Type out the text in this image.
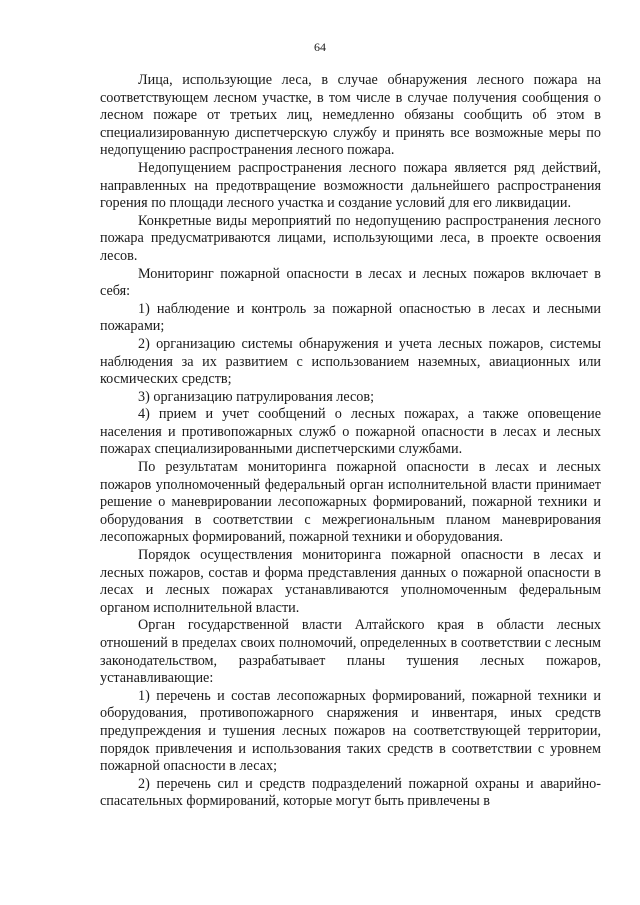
64

Лица, использующие леса, в случае обнаружения лесного пожара на соответствующем лесном участке, в том числе в случае получения сообщения о лесном пожаре от третьих лиц, немедленно обязаны сообщить об этом в специализированную диспетчерскую службу и принять все возможные меры по недопущению распространения лесного пожара.

Недопущением распространения лесного пожара является ряд действий, направленных на предотвращение возможности дальнейшего распространения горения по площади лесного участка и создание условий для его ликвидации.

Конкретные виды мероприятий по недопущению распространения лесного пожара предусматриваются лицами, использующими леса, в проекте освоения лесов.

Мониторинг пожарной опасности в лесах и лесных пожаров включает в себя:

1) наблюдение и контроль за пожарной опасностью в лесах и лесными пожарами;

2) организацию системы обнаружения и учета лесных пожаров, системы наблюдения за их развитием с использованием наземных, авиационных или космических средств;

3) организацию патрулирования лесов;

4) прием и учет сообщений о лесных пожарах, а также оповещение населения и противопожарных служб о пожарной опасности в лесах и лесных пожарах специализированными диспетчерскими службами.

По результатам мониторинга пожарной опасности в лесах и лесных пожаров уполномоченный федеральный орган исполнительной власти принимает решение о маневрировании лесопожарных формирований, пожарной техники и оборудования в соответствии с межрегиональным планом маневрирования лесопожарных формирований, пожарной техники и оборудования.

Порядок осуществления мониторинга пожарной опасности в лесах и лесных пожаров, состав и форма представления данных о пожарной опасности в лесах и лесных пожарах устанавливаются уполномоченным федеральным органом исполнительной власти.

Орган государственной власти Алтайского края в области лесных отношений в пределах своих полномочий, определенных в соответствии с лесным законодательством, разрабатывает планы тушения лесных пожаров, устанавливающие:

1) перечень и состав лесопожарных формирований, пожарной техники и оборудования, противопожарного снаряжения и инвентаря, иных средств предупреждения и тушения лесных пожаров на соответствующей территории, порядок привлечения и использования таких средств в соответствии с уровнем пожарной опасности в лесах;

2) перечень сил и средств подразделений пожарной охраны и аварийно-спасательных формирований, которые могут быть привлечены в
